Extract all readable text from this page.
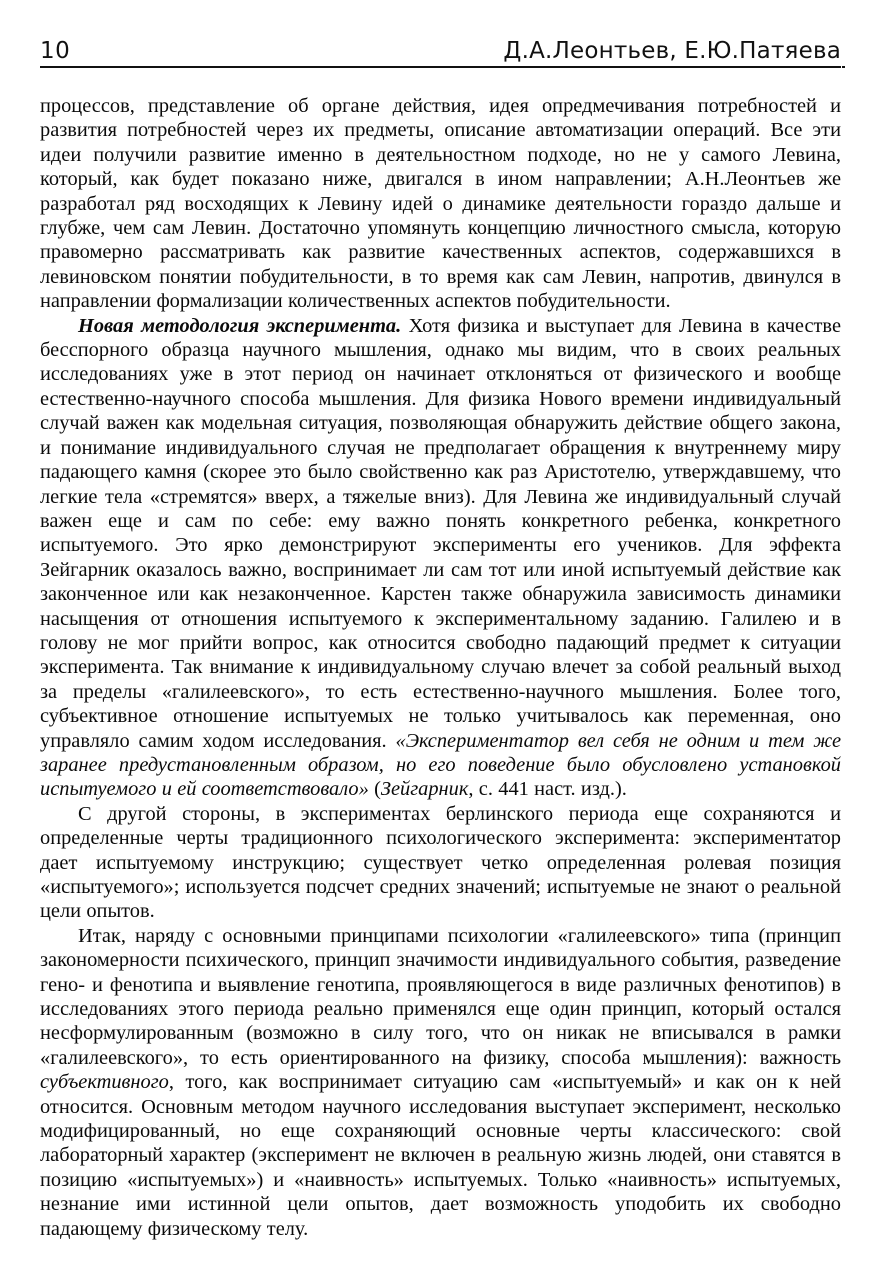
10	Д.А.Леонтьев, Е.Ю.Патяева

процессов, представление об органе действия, идея опредмечивания потребностей и развития потребностей через их предметы, описание автоматизации операций. Все эти идеи получили развитие именно в деятельностном подходе, но не у самого Левина, который, как будет показано ниже, двигался в ином направлении; А.Н.Леонтьев же разработал ряд восходящих к Левину идей о динамике деятельности гораздо дальше и глубже, чем сам Левин. Достаточно упомянуть концепцию личностного смысла, которую правомерно рассматривать как развитие качественных аспектов, содержавшихся в левиновском понятии побудительности, в то время как сам Левин, напротив, двинулся в направлении формализации количественных аспектов побудительности.

Новая методология эксперимента. Хотя физика и выступает для Левина в качестве бесспорного образца научного мышления, однако мы видим, что в своих реальных исследованиях уже в этот период он начинает отклоняться от физического и вообще естественно-научного способа мышления. Для физика Нового времени индивидуальный случай важен как модельная ситуация, позволяющая обнаружить действие общего закона, и понимание индивидуального случая не предполагает обращения к внутреннему миру падающего камня (скорее это было свойственно как раз Аристотелю, утверждавшему, что легкие тела «стремятся» вверх, а тяжелые вниз). Для Левина же индивидуальный случай важен еще и сам по себе: ему важно понять конкретного ребенка, конкретного испытуемого. Это ярко демонстрируют эксперименты его учеников. Для эффекта Зейгарник оказалось важно, воспринимает ли сам тот или иной испытуемый действие как законченное или как незаконченное. Карстен также обнаружила зависимость динамики насыщения от отношения испытуемого к экспериментальному заданию. Галилею и в голову не мог прийти вопрос, как относится свободно падающий предмет к ситуации эксперимента. Так внимание к индивидуальному случаю влечет за собой реальный выход за пределы «галилеевского», то есть естественно-научного мышления. Более того, субъективное отношение испытуемых не только учитывалось как переменная, оно управляло самим ходом исследования. «Экспериментатор вел себя не одним и тем же заранее предустановленным образом, но его поведение было обусловлено установкой испытуемого и ей соответствовало» (Зейгарник, с. 441 наст. изд.).

С другой стороны, в экспериментах берлинского периода еще сохраняются и определенные черты традиционного психологического эксперимента: экспериментатор дает испытуемому инструкцию; существует четко определенная ролевая позиция «испытуемого»; используется подсчет средних значений; испытуемые не знают о реальной цели опытов.

Итак, наряду с основными принципами психологии «галилеевского» типа (принцип закономерности психического, принцип значимости индивидуального события, разведение гено- и фенотипа и выявление генотипа, проявляющегося в виде различных фенотипов) в исследованиях этого периода реально применялся еще один принцип, который остался несформулированным (возможно в силу того, что он никак не вписывался в рамки «галилеевского», то есть ориентированного на физику, способа мышления): важность субъективного, того, как воспринимает ситуацию сам «испытуемый» и как он к ней относится. Основным методом научного исследования выступает эксперимент, несколько модифицированный, но еще сохраняющий основные черты классического: свой лабораторный характер (эксперимент не включен в реальную жизнь людей, они ставятся в позицию «испытуемых») и «наивность» испытуемых. Только «наивность» испытуемых, незнание ими истинной цели опытов, дает возможность уподобить их свободно падающему физическому телу.
